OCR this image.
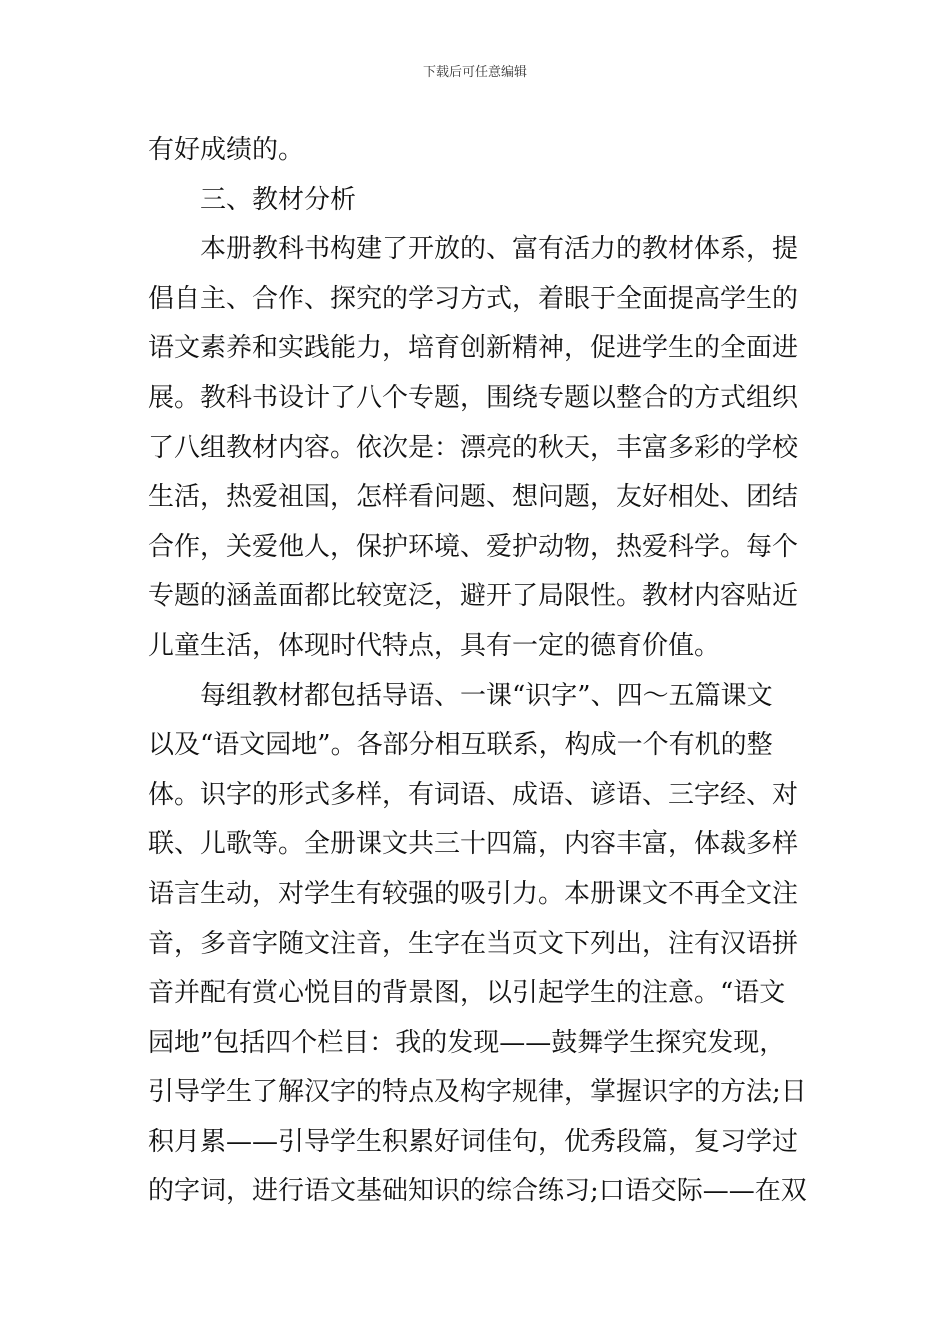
下载后可任意编辑
有好成绩的。
三、教材分析
本册教科书构建了开放的、富有活力的教材体系，提
倡自主、合作、探究的学习方式，着眼于全面提高学生的
语文素养和实践能力，培育创新精神，促进学生的全面进
展。教科书设计了八个专题，围绕专题以整合的方式组织
了八组教材内容。依次是：漂亮的秋天，丰富多彩的学校
生活，热爱祖国，怎样看问题、想问题，友好相处、团结
合作，关爱他人，保护环境、爱护动物，热爱科学。每个
专题的涵盖面都比较宽泛，避开了局限性。教材内容贴近
儿童生活，体现时代特点，具有一定的德育价值。
每组教材都包括导语、一课“识字”、四～五篇课文
以及“语文园地”。各部分相互联系，构成一个有机的整
体。识字的形式多样，有词语、成语、谚语、三字经、对
联、儿歌等。全册课文共三十四篇，内容丰富，体裁多样
语言生动，对学生有较强的吸引力。本册课文不再全文注
音，多音字随文注音，生字在当页文下列出，注有汉语拼
音并配有赏心悦目的背景图，以引起学生的注意。“语文
园地”包括四个栏目：我的发现——鼓舞学生探究发现，
引导学生了解汉字的特点及构字规律，掌握识字的方法;日
积月累——引导学生积累好词佳句，优秀段篇，复习学过
的字词，进行语文基础知识的综合练习;口语交际——在双
